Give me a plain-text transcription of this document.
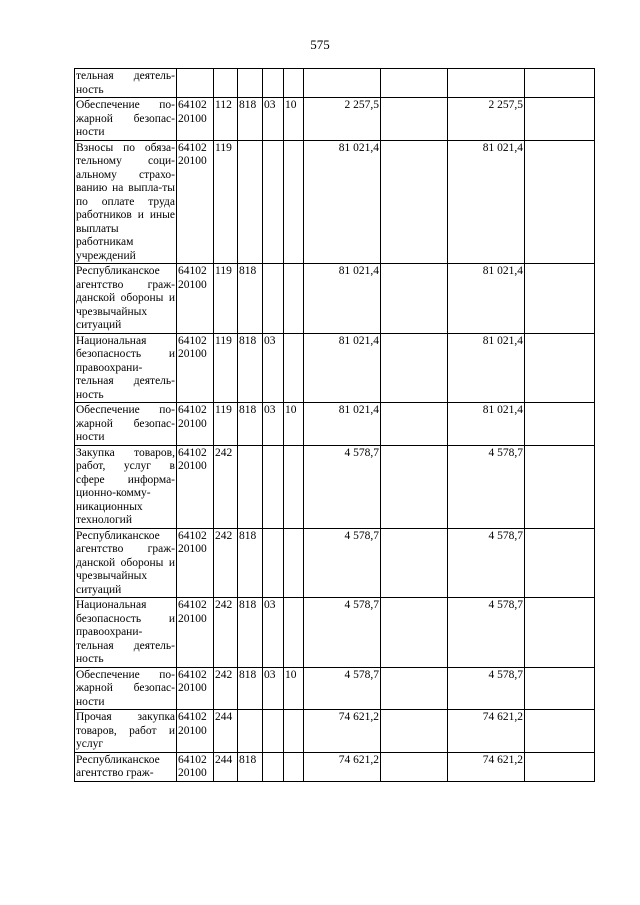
575
тельная деятель-ность									
Обеспечение по-жарной безопас-ности	64102 20100	112	818	03	10	2 257,5		2 257,5	
Взносы по обяза-тельному соци-альному страхо-ванию на выпла-ты по оплате труда работников и иные выплаты работникам учреждений	64102 20100	119				81 021,4		81 021,4	
Республиканское агентство граж-данской обороны и чрезвычайных ситуаций	64102 20100	119	818			81 021,4		81 021,4	
Национальная безопасность и правоохрани-тельная деятель-ность	64102 20100	119	818	03		81 021,4		81 021,4	
Обеспечение по-жарной безопас-ности	64102 20100	119	818	03	10	81 021,4		81 021,4	
Закупка товаров, работ, услуг в сфере информа-ционно-комму-никационных технологий	64102 20100	242				4 578,7		4 578,7	
Республиканское агентство граж-данской обороны и чрезвычайных ситуаций	64102 20100	242	818			4 578,7		4 578,7	
Национальная безопасность и правоохрани-тельная деятель-ность	64102 20100	242	818	03		4 578,7		4 578,7	
Обеспечение по-жарной безопас-ности	64102 20100	242	818	03	10	4 578,7		4 578,7	
Прочая закупка товаров, работ и услуг	64102 20100	244				74 621,2		74 621,2	
Республиканское агентство граж-	64102 20100	244	818			74 621,2		74 621,2	
